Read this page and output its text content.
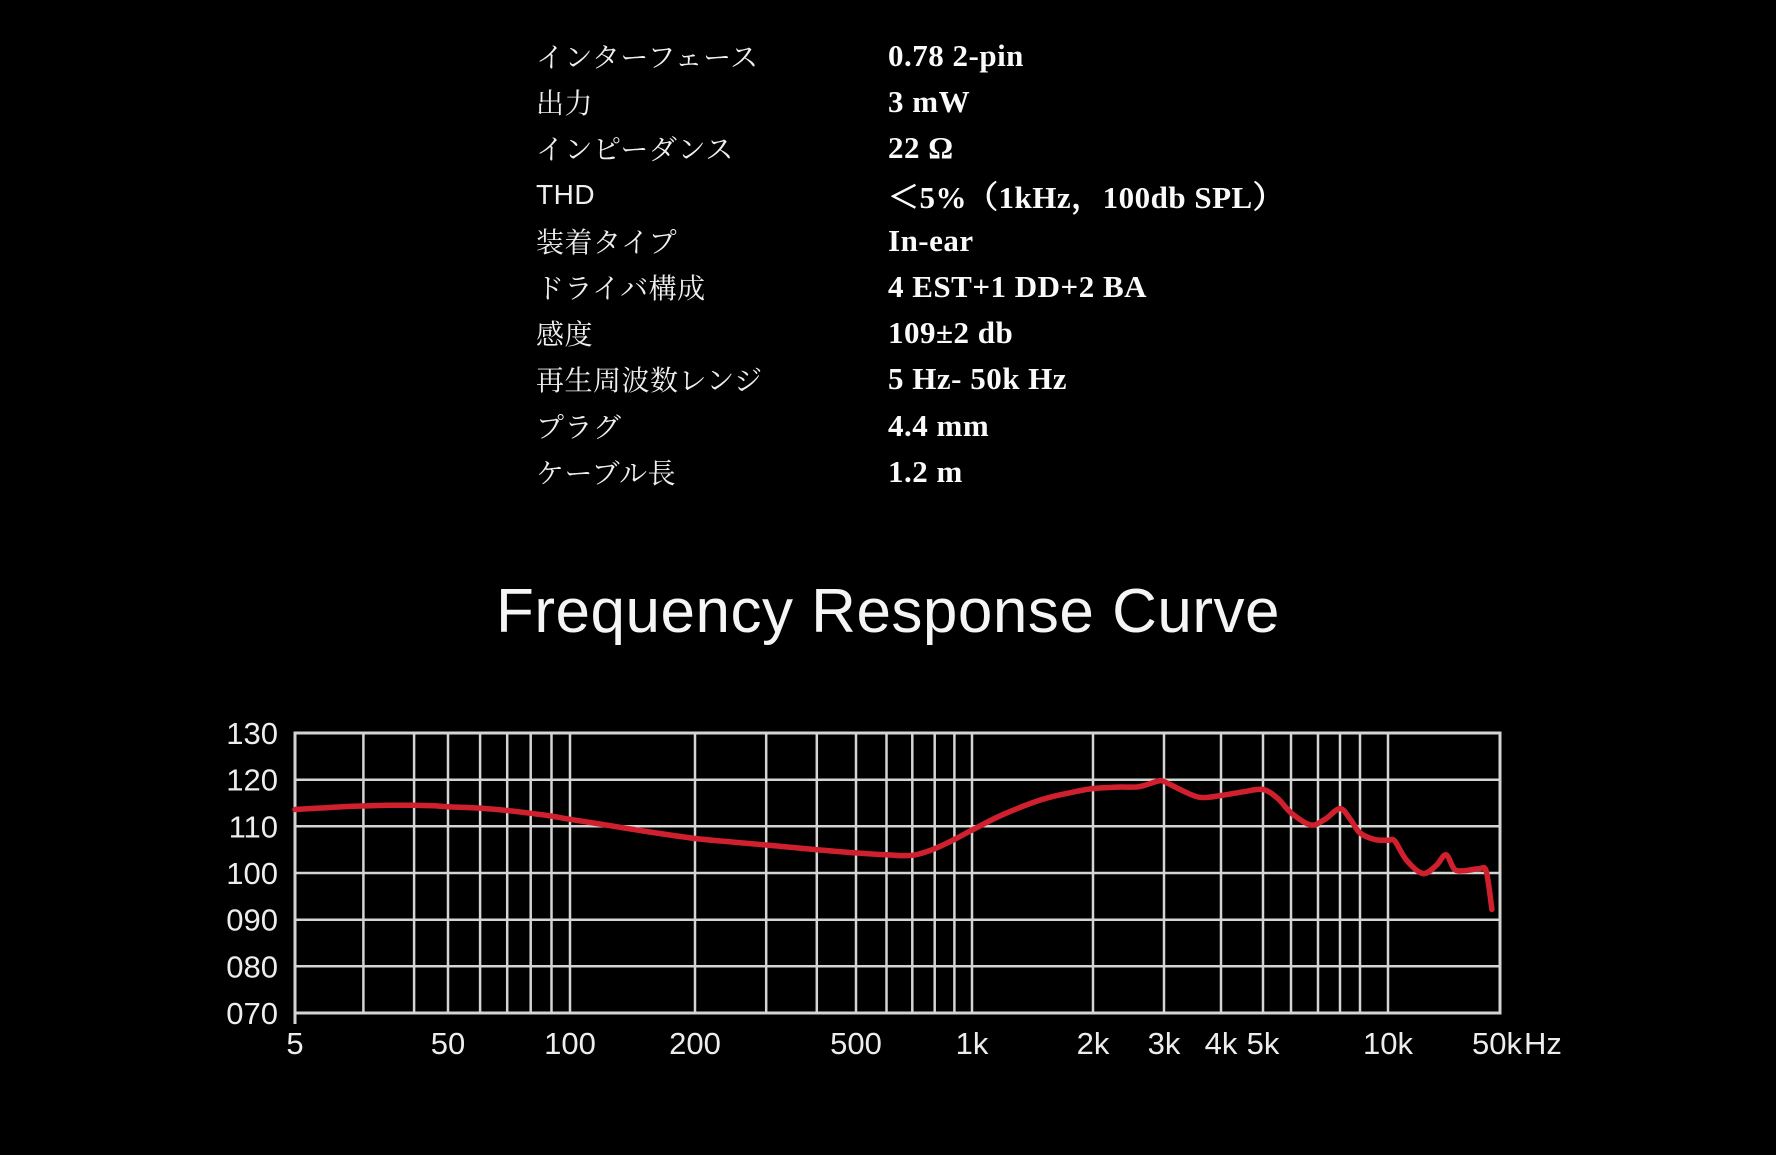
インターフェース	0.78 2-pin
出力	3 mW
インピーダンス	22 Ω
THD	＜5%（1kHz，100db SPL）
装着タイプ	In-ear
ドライバ構成	4 EST+1 DD+2 BA
感度	109±2 db
再生周波数レンジ	5 Hz- 50k Hz
プラグ	4.4 mm
ケーブル長	1.2 m
Frequency Response Curve
5	50	100 200	500 1k	2k 3k 4k 5k	10k 50k Hz
130
120
110
100
090
080
070
